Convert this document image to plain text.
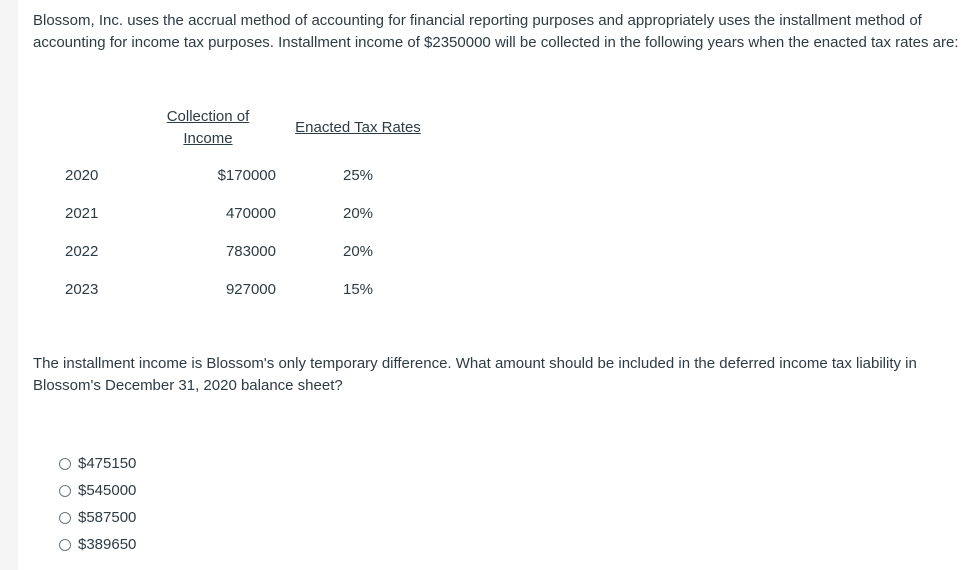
Blossom, Inc. uses the accrual method of accounting for financial reporting purposes and appropriately uses the installment method of accounting for income tax purposes. Installment income of $2350000 will be collected in the following years when the enacted tax rates are:

Collection of
Income
Enacted Tax Rates
2020	$170000	25%
2021	470000	20%
2022	783000	20%
2023	927000	15%

The installment income is Blossom's only temporary difference. What amount should be included in the deferred income tax liability in Blossom's December 31, 2020 balance sheet?

$475150
$545000
$587500
$389650
